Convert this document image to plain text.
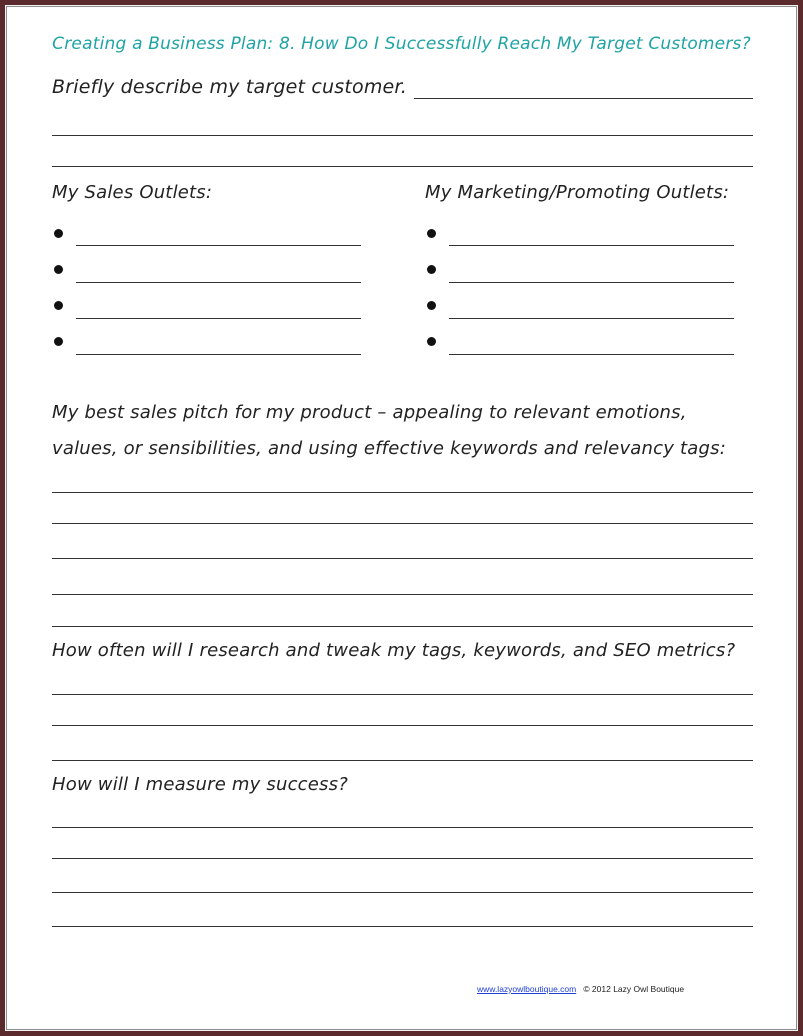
Creating a Business Plan: 8. How Do I Successfully Reach My Target Customers?
Briefly describe my target customer.
My Sales Outlets:	My Marketing/Promoting Outlets:
My best sales pitch for my product – appealing to relevant emotions,
values, or sensibilities, and using effective keywords and relevancy tags:
How often will I research and tweak my tags, keywords, and SEO metrics?
How will I measure my success?
www.lazyowlboutique.com © 2012 Lazy Owl Boutique
